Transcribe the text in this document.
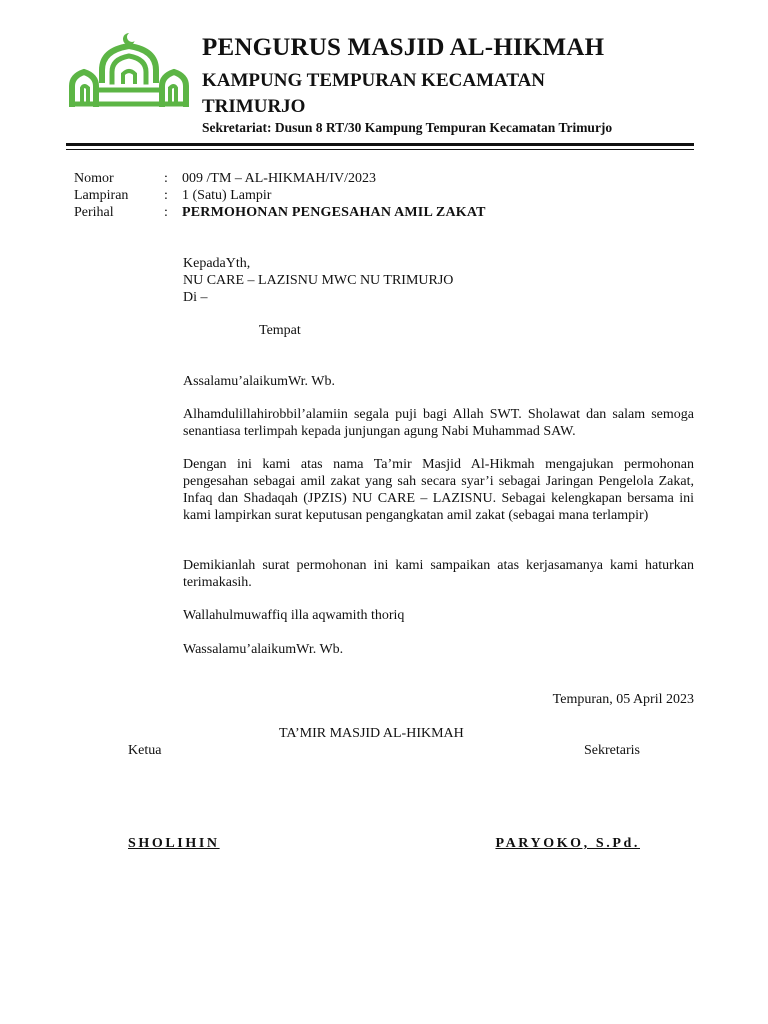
PENGURUS MASJID AL-HIKMAH
KAMPUNG TEMPURAN KECAMATAN TRIMURJO
Sekretariat: Dusun 8 RT/30 Kampung Tempuran Kecamatan Trimurjo
Nomor	:	009 /TM – AL-HIKMAH/IV/2023
Lampiran	:	1 (Satu) Lampir
Perihal	:	PERMOHONAN PENGESAHAN AMIL ZAKAT
KepadaYth,
NU CARE – LAZISNU MWC NU TRIMURJO
Di –
Tempat
Assalamu’alaikumWr. Wb.
Alhamdulillahirobbil’alamiin segala puji bagi Allah SWT. Sholawat dan salam semoga senantiasa terlimpah kepada junjungan agung Nabi Muhammad SAW.
Dengan ini kami atas nama Ta’mir Masjid Al-Hikmah mengajukan permohonan pengesahan sebagai amil zakat yang sah secara syar’i sebagai Jaringan Pengelola Zakat, Infaq dan Shadaqah (JPZIS) NU CARE – LAZISNU. Sebagai kelengkapan bersama ini kami lampirkan surat keputusan pengangkatan amil zakat (sebagai mana terlampir)
Demikianlah surat permohonan ini kami sampaikan atas kerjasamanya kami haturkan terimakasih.
Wallahulmuwaffiq illa aqwamith thoriq
Wassalamu’alaikumWr. Wb.
Tempuran, 05 April 2023
TA’MIR MASJID AL-HIKMAH
Ketua	Sekretaris
SHOLIHIN	PARYOKO, S.Pd.
